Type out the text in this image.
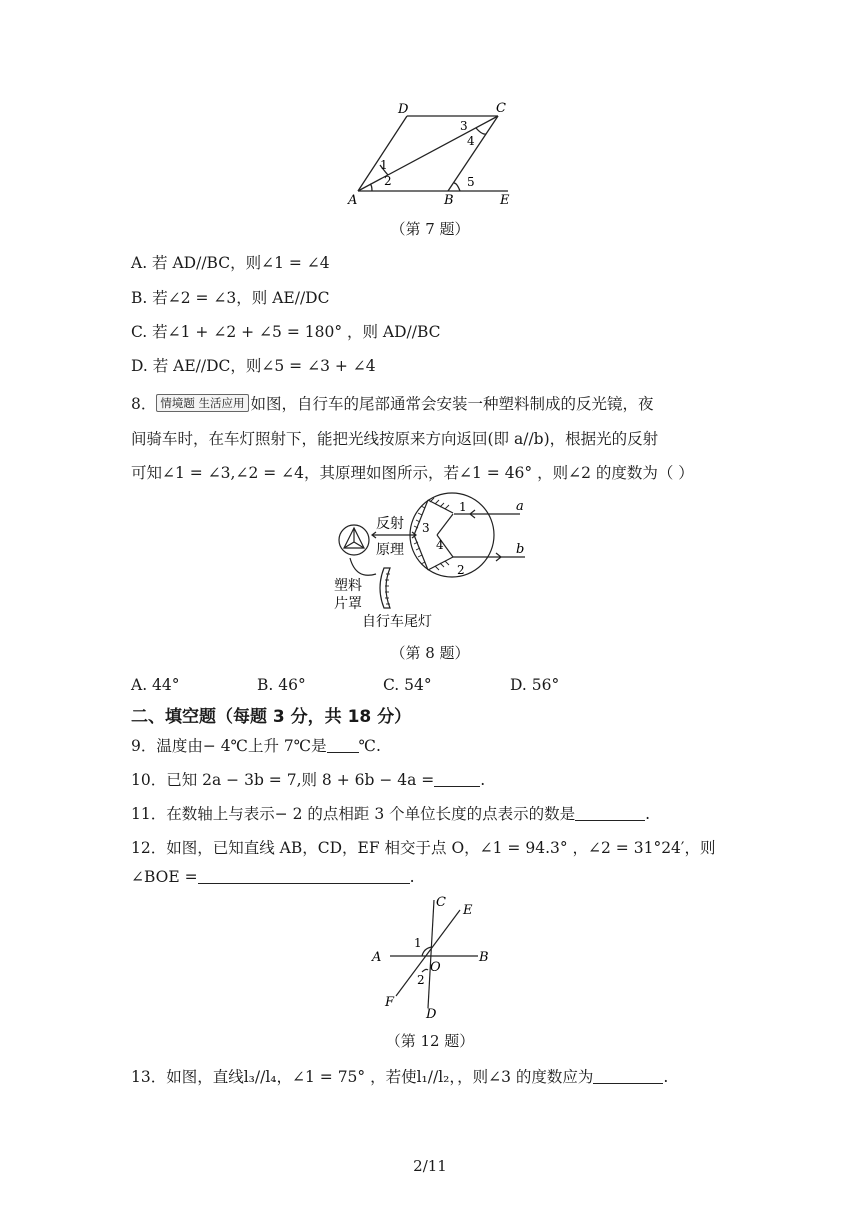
D	C
A	B	E
1
2
3
4
5
（第 7 题）
A. 若 AD//BC，则∠1 = ∠4
B. 若∠2 = ∠3，则 AE//DC
C. 若∠1 + ∠2 + ∠5 = 180° ，则 AD//BC
D. 若 AE//DC，则∠5 = ∠3 + ∠4
8． 情境题 生活应用 如图，自行车的尾部通常会安装一种塑料制成的反光镜，夜
间骑车时，在车灯照射下，能把光线按原来方向返回(即 a//b)，根据光的反射
可知∠1 = ∠3,∠2 = ∠4，其原理如图所示，若∠1 = 46° ，则∠2 的度数为（ ）
反射
原理
塑料
片罩
自行车尾灯
a
b
1
3
4
2
（第 8 题）
A. 44°	B. 46°	C. 54°	D. 56°
二、填空题（每题 3 分，共 18 分）
9．温度由− 4℃上升 7℃是 ℃.
10．已知 2a − 3b = 7,则 8 + 6b − 4a =	.
11．在数轴上与表示− 2 的点相距 3 个单位长度的点表示的数是	.
12．如图，已知直线 AB，CD，EF 相交于点 O，∠1 = 94.3° ，∠2 = 31°24′，则
∠BOE =	.
C
E
A	B
O
F
D
1
2
（第 12 题）
13．如图，直线l₃//l₄，∠1 = 75° ，若使l₁//l₂，，则∠3 的度数应为	.
2/11
